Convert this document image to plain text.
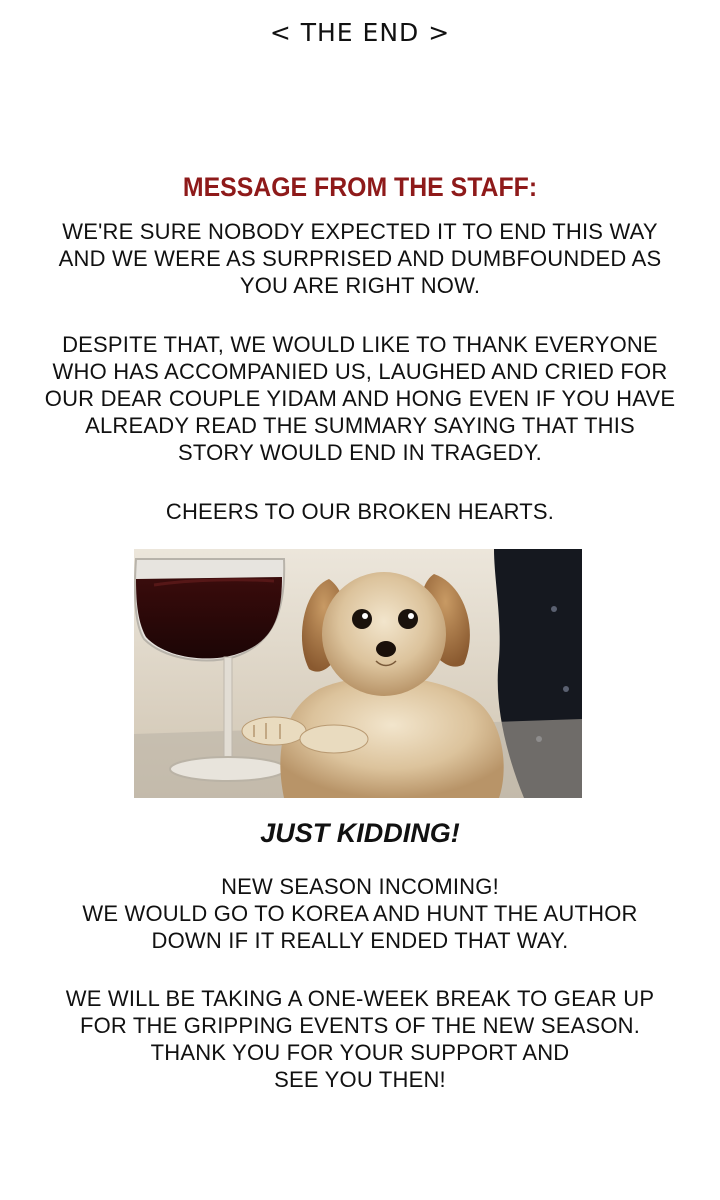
< THE END >
MESSAGE FROM THE STAFF:
WE'RE SURE NOBODY EXPECTED IT TO END THIS WAY
AND WE WERE AS SURPRISED AND DUMBFOUNDED AS
YOU ARE RIGHT NOW.
DESPITE THAT, WE WOULD LIKE TO THANK EVERYONE
WHO HAS ACCOMPANIED US, LAUGHED AND CRIED FOR
OUR DEAR COUPLE YIDAM AND HONG EVEN IF YOU HAVE
ALREADY READ THE SUMMARY SAYING THAT THIS
STORY WOULD END IN TRAGEDY.
CHEERS TO OUR BROKEN HEARTS.
JUST KIDDING!
NEW SEASON INCOMING!
WE WOULD GO TO KOREA AND HUNT THE AUTHOR
DOWN IF IT REALLY ENDED THAT WAY.
WE WILL BE TAKING A ONE-WEEK BREAK TO GEAR UP
FOR THE GRIPPING EVENTS OF THE NEW SEASON.
THANK YOU FOR YOUR SUPPORT AND
SEE YOU THEN!
